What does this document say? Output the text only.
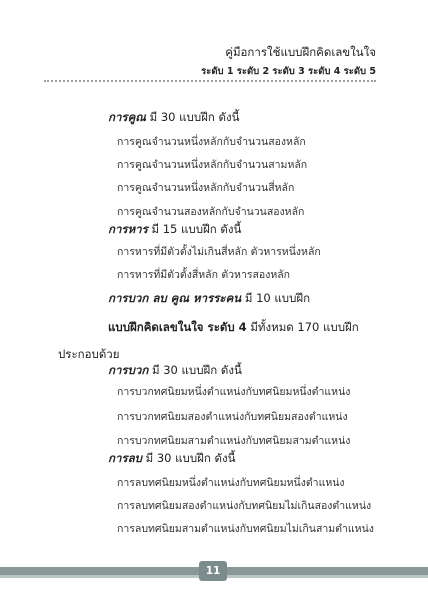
คู่มือการใช้แบบฝึกคิดเลขในใจ
ระดับ 1 ระดับ 2 ระดับ 3 ระดับ 4 ระดับ 5
การคูณ มี 30 แบบฝึก ดังนี้
การคูณจำนวนหนึ่งหลักกับจำนวนสองหลัก
การคูณจำนวนหนึ่งหลักกับจำนวนสามหลัก
การคูณจำนวนหนึ่งหลักกับจำนวนสี่หลัก
การคูณจำนวนสองหลักกับจำนวนสองหลัก
การหาร มี 15 แบบฝึก ดังนี้
การหารที่มีตัวตั้งไม่เกินสี่หลัก ตัวหารหนึ่งหลัก
การหารที่มีตัวตั้งสี่หลัก ตัวหารสองหลัก
การบวก ลบ คูณ หารระคน มี 10 แบบฝึก
แบบฝึกคิดเลขในใจ ระดับ 4 มีทั้งหมด 170 แบบฝึก
ประกอบด้วย
การบวก มี 30 แบบฝึก ดังนี้
การบวกทศนิยมหนึ่งตำแหน่งกับทศนิยมหนึ่งตำแหน่ง
การบวกทศนิยมสองตำแหน่งกับทศนิยมสองตำแหน่ง
การบวกทศนิยมสามตำแหน่งกับทศนิยมสามตำแหน่ง
การลบ มี 30 แบบฝึก ดังนี้
การลบทศนิยมหนึ่งตำแหน่งกับทศนิยมหนึ่งตำแหน่ง
การลบทศนิยมสองตำแหน่งกับทศนิยมไม่เกินสองตำแหน่ง
การลบทศนิยมสามตำแหน่งกับทศนิยมไม่เกินสามตำแหน่ง
11
